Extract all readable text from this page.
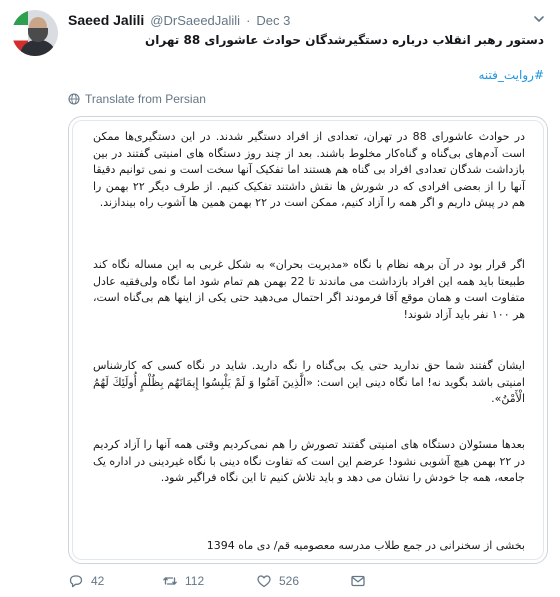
Saeed Jalili @DrSaeedJalili · Dec 3
دستور رهبر انقلاب درباره دستگیرشدگان حوادث عاشورای 88 تهران
#روایت_فتنه
Translate from Persian
در حوادث عاشورای 88 در تهران، تعدادی از افراد دستگیر شدند. در این دستگیری‌ها ممکن است آدم‌های بی‌گناه و گناه‌کار مخلوط باشند. بعد از چند روز دستگاه های امنیتی گفتند در بین بازداشت شدگان تعدادی افراد بی گناه هم هستند اما تفکیک آنها سخت است و نمی توانیم دقیقا آنها را از بعضی افرادی که در شورش ها نقش داشتند تفکیک کنیم. از طرف دیگر ۲۲ بهمن را هم در پیش داریم و اگر همه را آزاد کنیم، ممکن است در ۲۲ بهمن همین ها آشوب راه بیندازند.
اگر قرار بود در آن برهه نظام با نگاه «مدیریت بحران» به شکل غربی به این مساله نگاه کند طبیعتا باید همه این افراد بازداشت می ماندند تا 22 بهمن هم تمام شود اما نگاه ولی‌فقیه عادل متفاوت است و همان موقع آقا فرمودند اگر احتمال می‌دهید حتی یکی از اینها هم بی‌گناه است، هر ۱۰۰ نفر باید آزاد شوند!
ایشان گفتند شما حق ندارید حتی یک بی‌گناه را نگه دارید. شاید در نگاه کسی که کارشناس امنیتی باشد بگوید نه! اما نگاه دینی این است: «الَّذِینَ آمَنُوا وَ لَمْ یَلْبِسُوا إِیمَانَهُم بِظُلْمٍ أُولَئِكَ لَهُمُ الْأَمْنُ».
بعدها مسئولان دستگاه های امنیتی گفتند تصورش را هم نمی‌کردیم وقتی همه آنها را آزاد کردیم در ۲۲ بهمن هیچ آشوبی نشود! عرضم این است که تفاوت نگاه دینی با نگاه غیردینی در اداره یک جامعه، همه جا خودش را نشان می دهد و باید تلاش کنیم تا این نگاه فراگیر شود.
بخشی از سخنرانی در جمع طلاب مدرسه معصومیه قم/ دی ماه 1394
42	112	526
